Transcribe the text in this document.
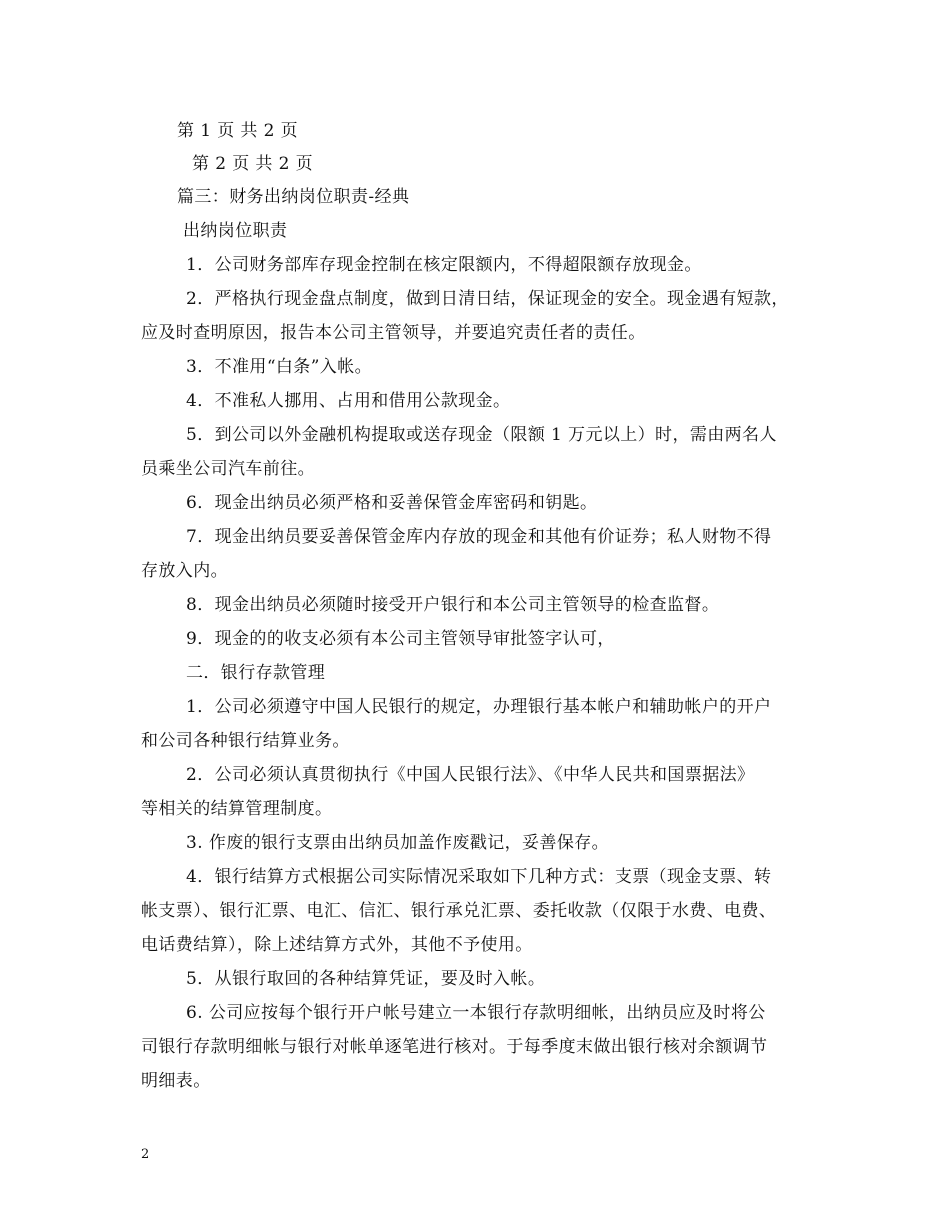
第 1 页 共 2 页
第 2 页 共 2 页
篇三：财务出纳岗位职责-经典
出纳岗位职责
1．公司财务部库存现金控制在核定限额内，不得超限额存放现金。
2．严格执行现金盘点制度，做到日清日结，保证现金的安全。现金遇有短款，
应及时查明原因，报告本公司主管领导，并要追究责任者的责任。
3．不准用“白条”入帐。
4．不准私人挪用、占用和借用公款现金。
5．到公司以外金融机构提取或送存现金（限额 1 万元以上）时，需由两名人
员乘坐公司汽车前往。
6．现金出纳员必须严格和妥善保管金库密码和钥匙。
7．现金出纳员要妥善保管金库内存放的现金和其他有价证券；私人财物不得
存放入内。
8．现金出纳员必须随时接受开户银行和本公司主管领导的检查监督。
9．现金的的收支必须有本公司主管领导审批签字认可，
二．银行存款管理
1．公司必须遵守中国人民银行的规定，办理银行基本帐户和辅助帐户的开户
和公司各种银行结算业务。
2．公司必须认真贯彻执行《中国人民银行法》、《中华人民共和国票据法》
等相关的结算管理制度。
3. 作废的银行支票由出纳员加盖作废戳记，妥善保存。
4．银行结算方式根据公司实际情况采取如下几种方式：支票（现金支票、转
帐支票）、银行汇票、电汇、信汇、银行承兑汇票、委托收款（仅限于水费、电费、
电话费结算），除上述结算方式外，其他不予使用。
5．从银行取回的各种结算凭证，要及时入帐。
6. 公司应按每个银行开户帐号建立一本银行存款明细帐，出纳员应及时将公
司银行存款明细帐与银行对帐单逐笔进行核对。于每季度末做出银行核对余额调节
明细表。
2
